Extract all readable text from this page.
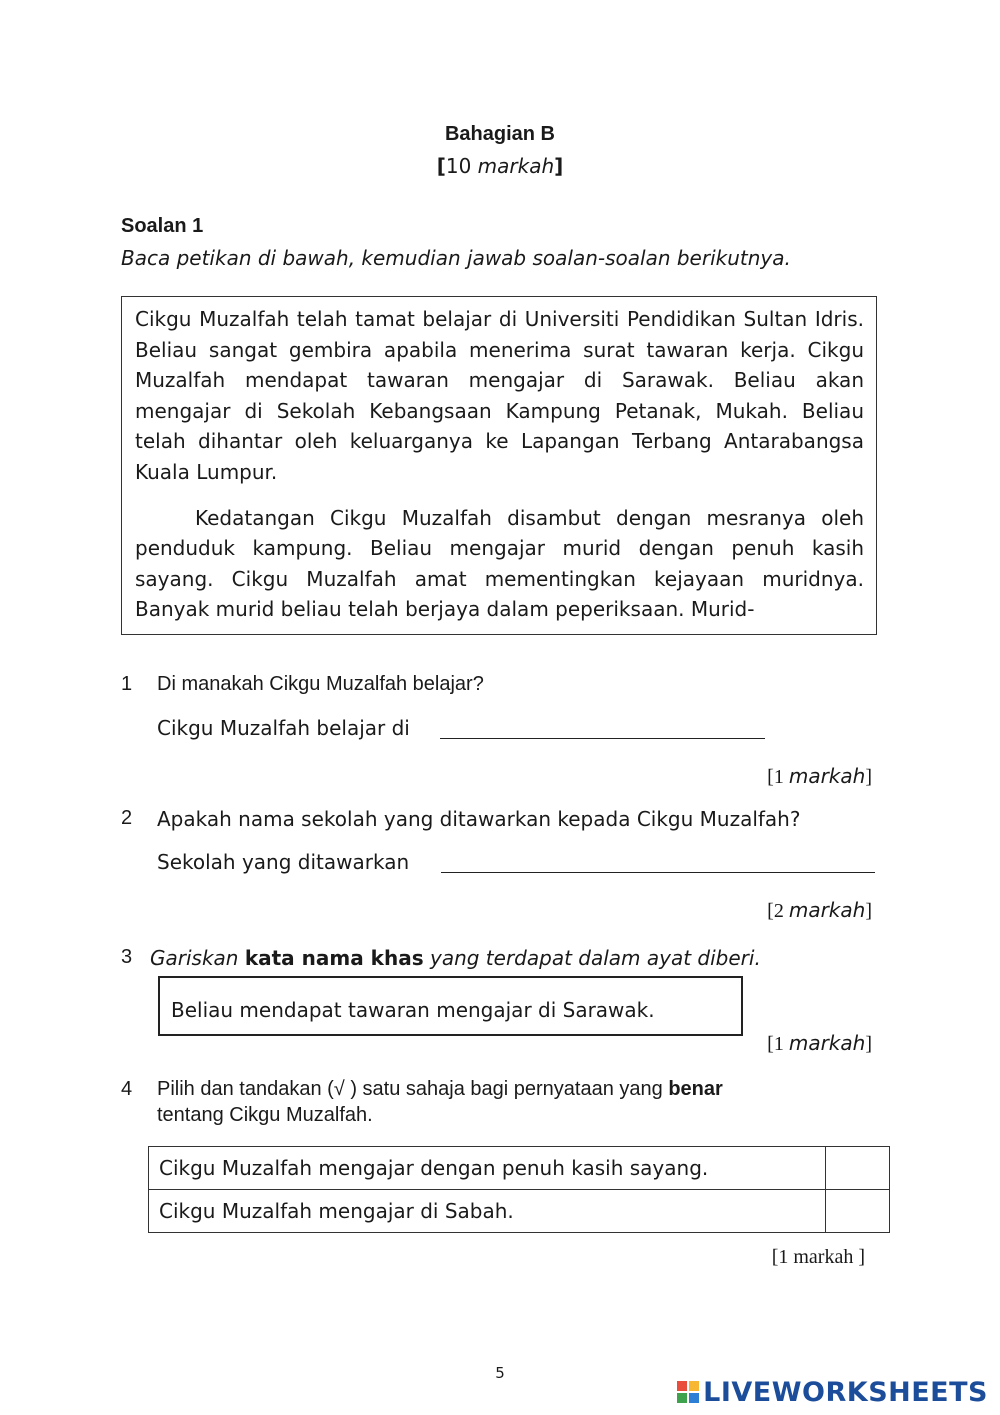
Bahagian B
[10 markah]
Soalan 1
Baca petikan di bawah, kemudian jawab soalan-soalan berikutnya.

Cikgu Muzalfah telah tamat belajar di Universiti Pendidikan Sultan Idris. Beliau sangat gembira apabila menerima surat tawaran kerja. Cikgu Muzalfah mendapat tawaran mengajar di Sarawak. Beliau akan mengajar di Sekolah Kebangsaan Kampung Petanak, Mukah. Beliau telah dihantar oleh keluarganya ke Lapangan Terbang Antarabangsa Kuala Lumpur.

Kedatangan Cikgu Muzalfah disambut dengan mesranya oleh penduduk kampung. Beliau mengajar murid dengan penuh kasih sayang. Cikgu Muzalfah amat mementingkan kejayaan muridnya. Banyak murid beliau telah berjaya dalam peperiksaan. Murid-

1 Di manakah Cikgu Muzalfah belajar?
Cikgu Muzalfah belajar di
[1 markah]
2 Apakah nama sekolah yang ditawarkan kepada Cikgu Muzalfah?
Sekolah yang ditawarkan
[2 markah]
3 Gariskan kata nama khas yang terdapat dalam ayat diberi.
Beliau mendapat tawaran mengajar di Sarawak.
[1 markah]
4 Pilih dan tandakan (√ ) satu sahaja bagi pernyataan yang benar
tentang Cikgu Muzalfah.
Cikgu Muzalfah mengajar dengan penuh kasih sayang.	
Cikgu Muzalfah mengajar di Sabah.	
[1 markah ]
5
LIVEWORKSHEETS
